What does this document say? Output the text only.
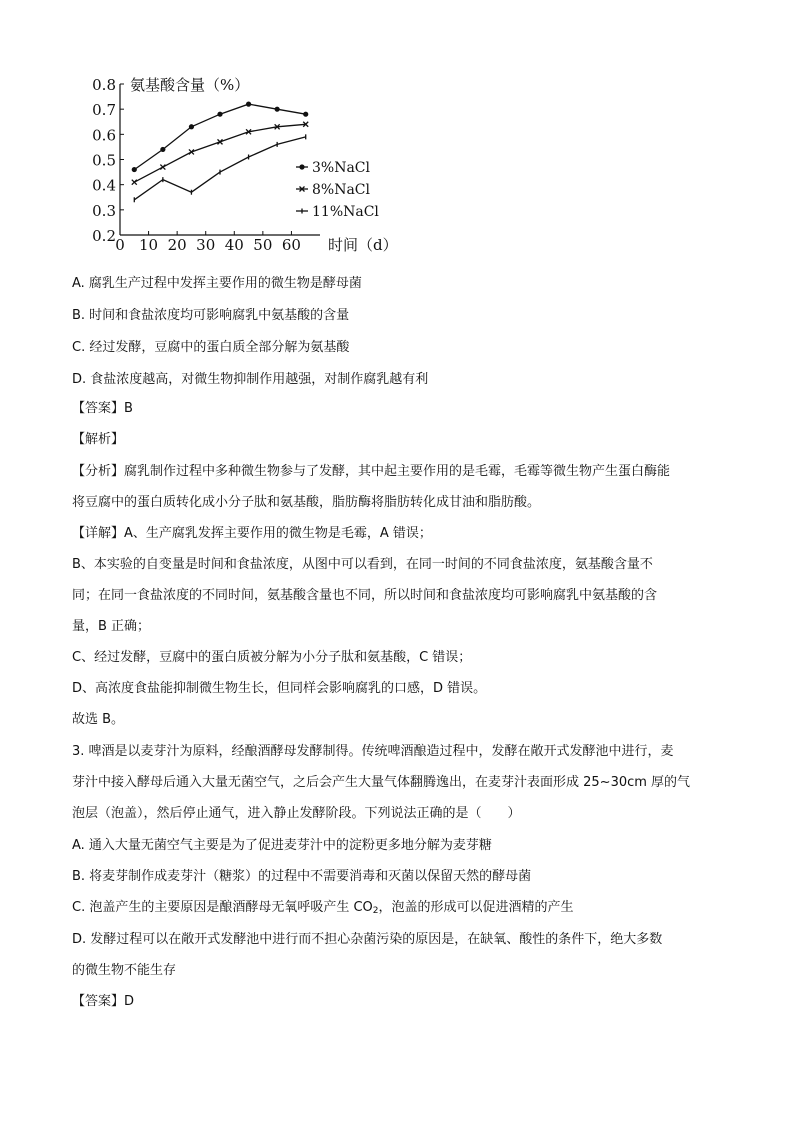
氨基酸含量（%）
时间（d）
0.2
0.3
0.4
0.5
0.6
0.7
0.8
0 10 20 30 40 50 60
3%NaCl
8%NaCl
11%NaCl
A. 腐乳生产过程中发挥主要作用的微生物是酵母菌
B. 时间和食盐浓度均可影响腐乳中氨基酸的含量
C. 经过发酵，豆腐中的蛋白质全部分解为氨基酸
D. 食盐浓度越高，对微生物抑制作用越强，对制作腐乳越有利
【答案】B
【解析】
【分析】腐乳制作过程中多种微生物参与了发酵，其中起主要作用的是毛霉，毛霉等微生物产生蛋白酶能
将豆腐中的蛋白质转化成小分子肽和氨基酸，脂肪酶将脂肪转化成甘油和脂肪酸。
【详解】A、生产腐乳发挥主要作用的微生物是毛霉，A 错误；
B、本实验的自变量是时间和食盐浓度，从图中可以看到，在同一时间的不同食盐浓度，氨基酸含量不
同；在同一食盐浓度的不同时间，氨基酸含量也不同，所以时间和食盐浓度均可影响腐乳中氨基酸的含
量，B 正确；
C、经过发酵，豆腐中的蛋白质被分解为小分子肽和氨基酸，C 错误；
D、高浓度食盐能抑制微生物生长，但同样会影响腐乳的口感，D 错误。
故选 B。
3. 啤酒是以麦芽汁为原料，经酿酒酵母发酵制得。传统啤酒酿造过程中，发酵在敞开式发酵池中进行，麦
芽汁中接入酵母后通入大量无菌空气，之后会产生大量气体翻腾逸出，在麦芽汁表面形成 25~30cm 厚的气
泡层（泡盖），然后停止通气，进入静止发酵阶段。下列说法正确的是（　　）
A. 通入大量无菌空气主要是为了促进麦芽汁中的淀粉更多地分解为麦芽糖
B. 将麦芽制作成麦芽汁（糖浆）的过程中不需要消毒和灭菌以保留天然的酵母菌
C. 泡盖产生的主要原因是酿酒酵母无氧呼吸产生 $CO_2$，泡盖的形成可以促进酒精的产生
D. 发酵过程可以在敞开式发酵池中进行而不担心杂菌污染的原因是，在缺氧、酸性的条件下，绝大多数
的微生物不能生存
【答案】D
